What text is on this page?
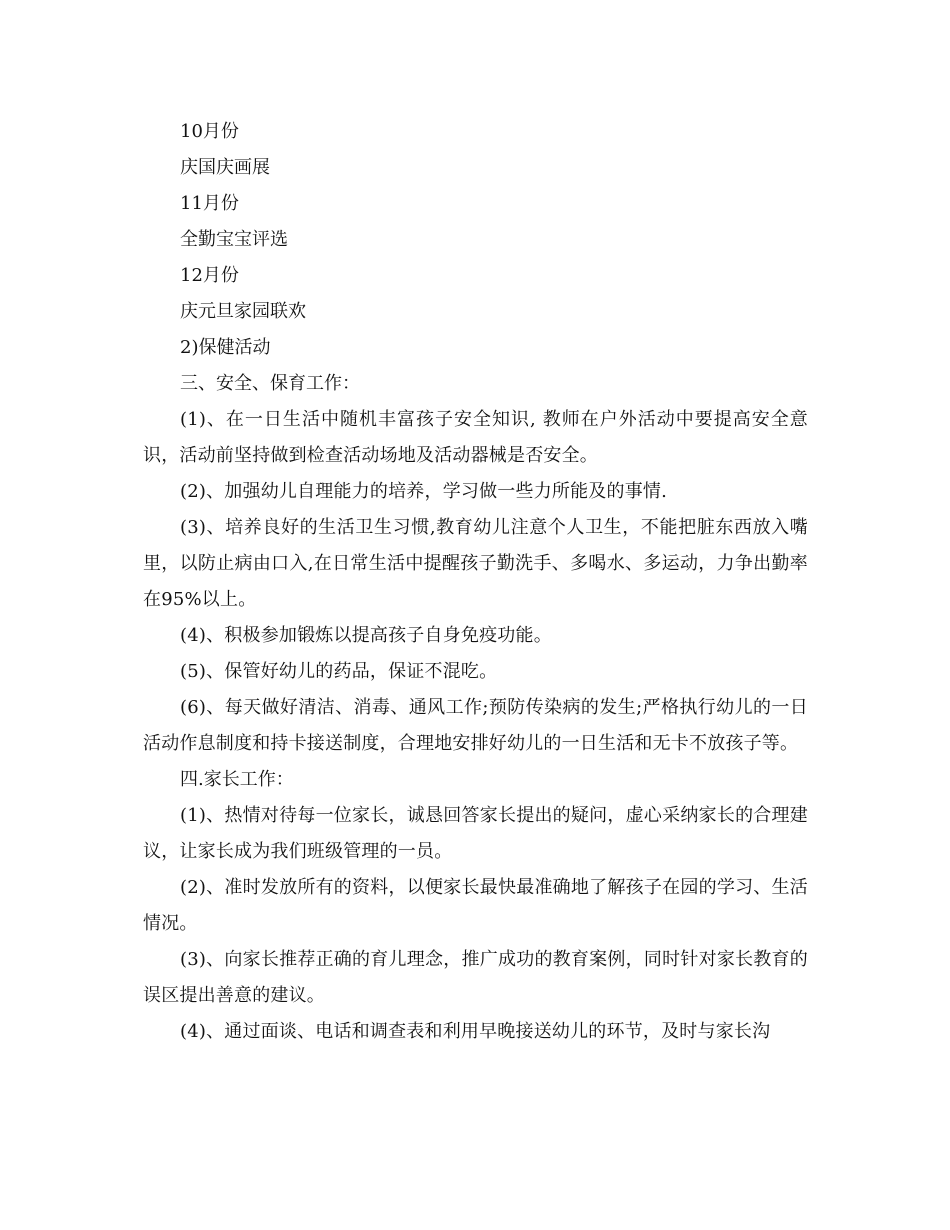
10月份

庆国庆画展

11月份

全勤宝宝评选

12月份

庆元旦家园联欢

2)保健活动

三、安全、保育工作：

(1)、在一日生活中随机丰富孩子安全知识, 教师在户外活动中要提高安全意识，活动前坚持做到检查活动场地及活动器械是否安全。

(2)、加强幼儿自理能力的培养，学习做一些力所能及的事情.

(3)、培养良好的生活卫生习惯,教育幼儿注意个人卫生，不能把脏东西放入嘴里，以防止病由口入,在日常生活中提醒孩子勤洗手、多喝水、多运动，力争出勤率在95%以上。

(4)、积极参加锻炼以提高孩子自身免疫功能。

(5)、保管好幼儿的药品，保证不混吃。

(6)、每天做好清洁、消毒、通风工作;预防传染病的发生;严格执行幼儿的一日活动作息制度和持卡接送制度，合理地安排好幼儿的一日生活和无卡不放孩子等。

四.家长工作：

(1)、热情对待每一位家长，诚恳回答家长提出的疑问，虚心采纳家长的合理建议，让家长成为我们班级管理的一员。

(2)、准时发放所有的资料，以便家长最快最准确地了解孩子在园的学习、生活情况。

(3)、向家长推荐正确的育儿理念，推广成功的教育案例，同时针对家长教育的误区提出善意的建议。

(4)、通过面谈、电话和调查表和利用早晚接送幼儿的环节，及时与家长沟
